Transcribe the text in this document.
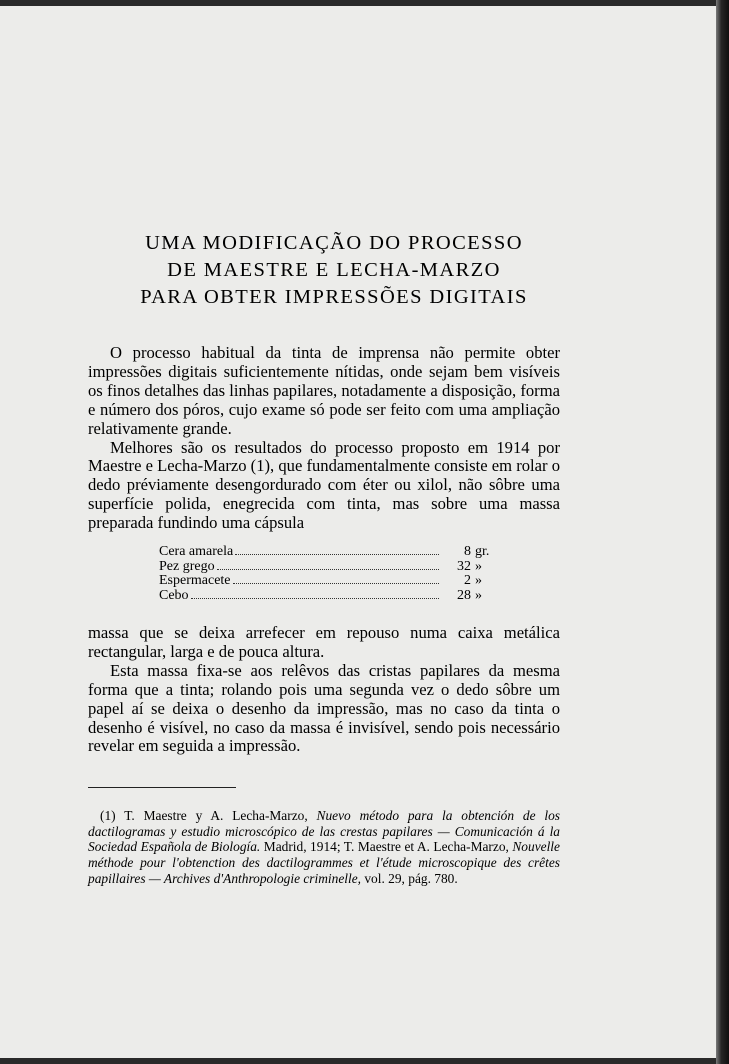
UMA MODIFICAÇÃO DO PROCESSO
DE MAESTRE E LECHA-MARZO
PARA OBTER IMPRESSÕES DIGITAIS

O processo habitual da tinta de imprensa não permite obter impressões digitais suficientemente nítidas, onde sejam bem visíveis os finos detalhes das linhas papilares, notadamente a disposição, forma e número dos póros, cujo exame só pode ser feito com uma ampliação relativamente grande.

Melhores são os resultados do processo proposto em 1914 por Maestre e Lecha-Marzo (1), que fundamentalmente consiste em rolar o dedo préviamente desengordurado com éter ou xilol, não sôbre uma superfície polida, enegrecida com tinta, mas sobre uma massa preparada fundindo uma cápsula

Cera amarela	8 gr.
Pez grego	32 »
Espermacete	2 »
Cebo	28 »

massa que se deixa arrefecer em repouso numa caixa metálica rectangular, larga e de pouca altura.

Esta massa fixa-se aos relêvos das cristas papilares da mesma forma que a tinta; rolando pois uma segunda vez o dedo sôbre um papel aí se deixa o desenho da impressão, mas no caso da tinta o desenho é visível, no caso da massa é invisível, sendo pois necessário revelar em seguida a impressão.

(1) T. Maestre y A. Lecha-Marzo, Nuevo método para la obtención de los dactilogramas y estudio microscópico de las crestas papilares — Comunicación á la Sociedad Española de Biología. Madrid, 1914; T. Maestre et A. Lecha-Marzo, Nouvelle méthode pour l'obtenction des dactilogrammes et l'étude microscopique des crêtes papillaires — Archives d'Anthropologie criminelle, vol. 29, pág. 780.
